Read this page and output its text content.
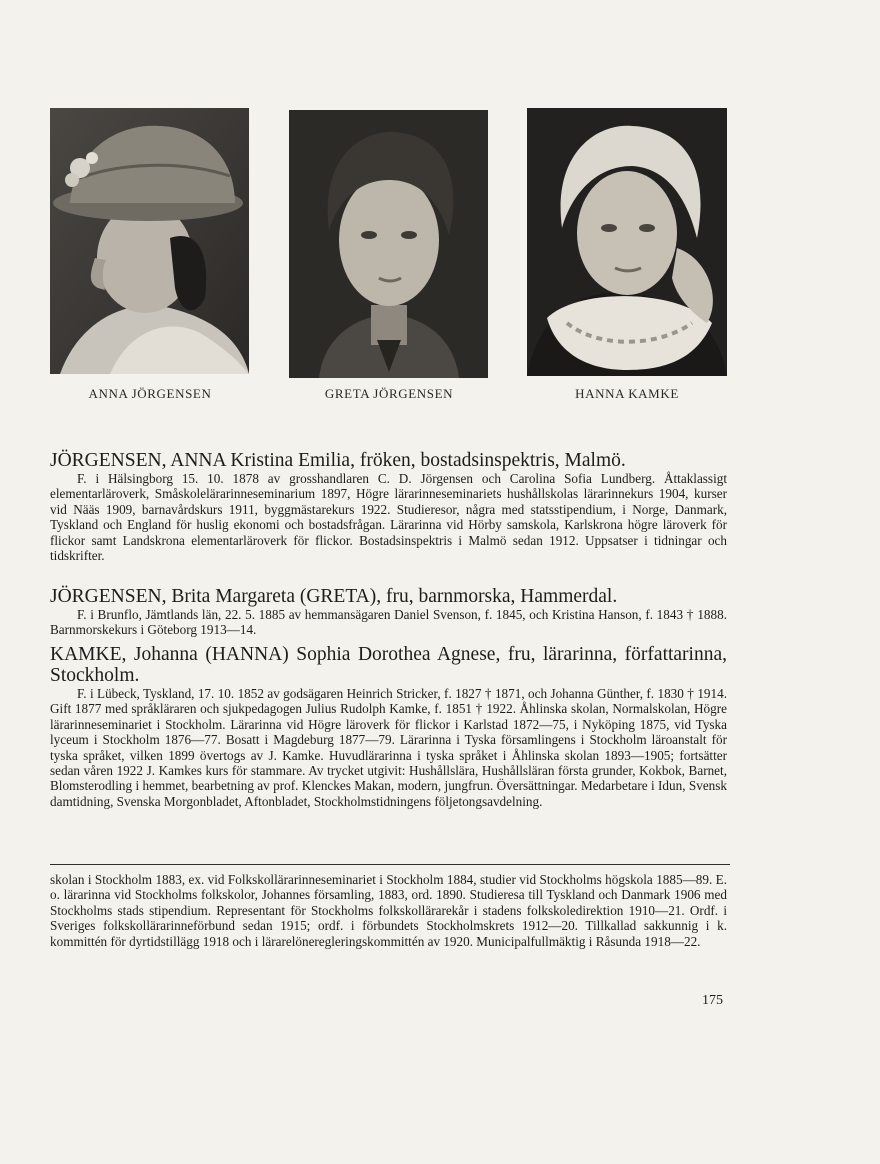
ANNA JÖRGENSEN	GRETA JÖRGENSEN	HANNA KAMKE

JÖRGENSEN, ANNA Kristina Emilia, fröken, bostadsinspektris, Malmö.

F. i Hälsingborg 15. 10. 1878 av grosshandlaren C. D. Jörgensen och Carolina Sofia Lundberg. Åttaklassigt elementarläroverk, Småskolelärarinneseminarium 1897, Högre lärarinneseminariets hushållskolas lärarinnekurs 1904, kurser vid Nääs 1909, barnavårdskurs 1911, byggmästarekurs 1922. Studieresor, några med statsstipendium, i Norge, Danmark, Tyskland och England för huslig ekonomi och bostadsfrågan. Lärarinna vid Hörby samskola, Karlskrona högre läroverk för flickor samt Landskrona elementarläroverk för flickor. Bostadsinspektris i Malmö sedan 1912. Uppsatser i tidningar och tidskrifter.

JÖRGENSEN, Brita Margareta (GRETA), fru, barnmorska, Hammerdal.

F. i Brunflo, Jämtlands län, 22. 5. 1885 av hemmansägaren Daniel Svenson, f. 1845, och Kristina Hanson, f. 1843 † 1888. Barnmorskekurs i Göteborg 1913—14.

KAMKE, Johanna (HANNA) Sophia Dorothea Agnese, fru, lärarinna, författarinna, Stockholm.

F. i Lübeck, Tyskland, 17. 10. 1852 av godsägaren Heinrich Stricker, f. 1827 † 1871, och Johanna Günther, f. 1830 † 1914. Gift 1877 med språkläraren och sjukpedagogen Julius Rudolph Kamke, f. 1851 † 1922. Åhlinska skolan, Normalskolan, Högre lärarinneseminariet i Stockholm. Lärarinna vid Högre läroverk för flickor i Karlstad 1872—75, i Nyköping 1875, vid Tyska lyceum i Stockholm 1876—77. Bosatt i Magdeburg 1877—79. Lärarinna i Tyska församlingens i Stockholm läroanstalt för tyska språket, vilken 1899 övertogs av J. Kamke. Huvudlärarinna i tyska språket i Åhlinska skolan 1893—1905; fortsätter sedan våren 1922 J. Kamkes kurs för stammare. Av trycket utgivit: Hushållslära, Hushållsläran första grunder, Kokbok, Barnet, Blomsterodling i hemmet, bearbetning av prof. Klenckes Makan, modern, jungfrun. Översättningar. Medarbetare i Idun, Svensk damtidning, Svenska Morgonbladet, Aftonbladet, Stockholmstidningens följetongsavdelning.

skolan i Stockholm 1883, ex. vid Folkskollärarinneseminariet i Stockholm 1884, studier vid Stockholms högskola 1885—89. E. o. lärarinna vid Stockholms folkskolor, Johannes församling, 1883, ord. 1890. Studieresa till Tyskland och Danmark 1906 med Stockholms stads stipendium. Representant för Stockholms folkskollärarekår i stadens folkskoledirektion 1910—21. Ordf. i Sveriges folkskollärarinneförbund sedan 1915; ordf. i förbundets Stockholmskrets 1912—20. Tillkallad sakkunnig i k. kommittén för dyrtidstillägg 1918 och i lärarelöneregleringskommittén av 1920. Municipalfullmäktig i Råsunda 1918—22.

175
